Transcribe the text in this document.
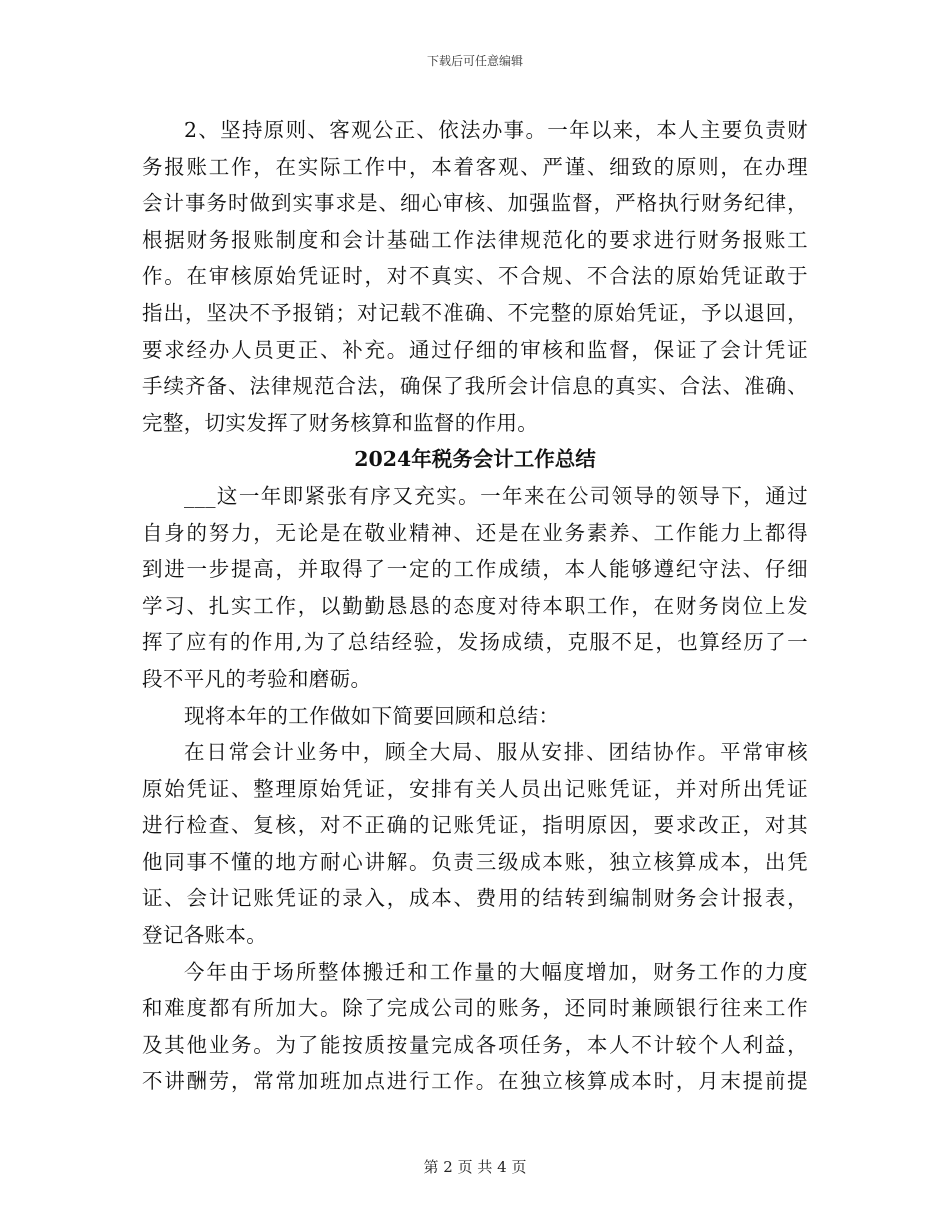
下载后可任意编辑
2、坚持原则、客观公正、依法办事。一年以来，本人主要负责财
务报账工作，在实际工作中，本着客观、严谨、细致的原则，在办理
会计事务时做到实事求是、细心审核、加强监督，严格执行财务纪律，
根据财务报账制度和会计基础工作法律规范化的要求进行财务报账工
作。在审核原始凭证时，对不真实、不合规、不合法的原始凭证敢于
指出，坚决不予报销；对记载不准确、不完整的原始凭证，予以退回，
要求经办人员更正、补充。通过仔细的审核和监督，保证了会计凭证
手续齐备、法律规范合法，确保了我所会计信息的真实、合法、准确、
完整，切实发挥了财务核算和监督的作用。
2024年税务会计工作总结
___这一年即紧张有序又充实。一年来在公司领导的领导下，通过
自身的努力，无论是在敬业精神、还是在业务素养、工作能力上都得
到进一步提高，并取得了一定的工作成绩，本人能够遵纪守法、仔细
学习、扎实工作，以勤勤恳恳的态度对待本职工作，在财务岗位上发
挥了应有的作用,为了总结经验，发扬成绩，克服不足，也算经历了一
段不平凡的考验和磨砺。
现将本年的工作做如下简要回顾和总结：
在日常会计业务中，顾全大局、服从安排、团结协作。平常审核
原始凭证、整理原始凭证，安排有关人员出记账凭证，并对所出凭证
进行检查、复核，对不正确的记账凭证，指明原因，要求改正，对其
他同事不懂的地方耐心讲解。负责三级成本账，独立核算成本，出凭
证、会计记账凭证的录入，成本、费用的结转到编制财务会计报表，
登记各账本。
今年由于场所整体搬迁和工作量的大幅度增加，财务工作的力度
和难度都有所加大。除了完成公司的账务，还同时兼顾银行往来工作
及其他业务。为了能按质按量完成各项任务，本人不计较个人利益，
不讲酬劳，常常加班加点进行工作。在独立核算成本时，月末提前提
第 2 页 共 4 页
